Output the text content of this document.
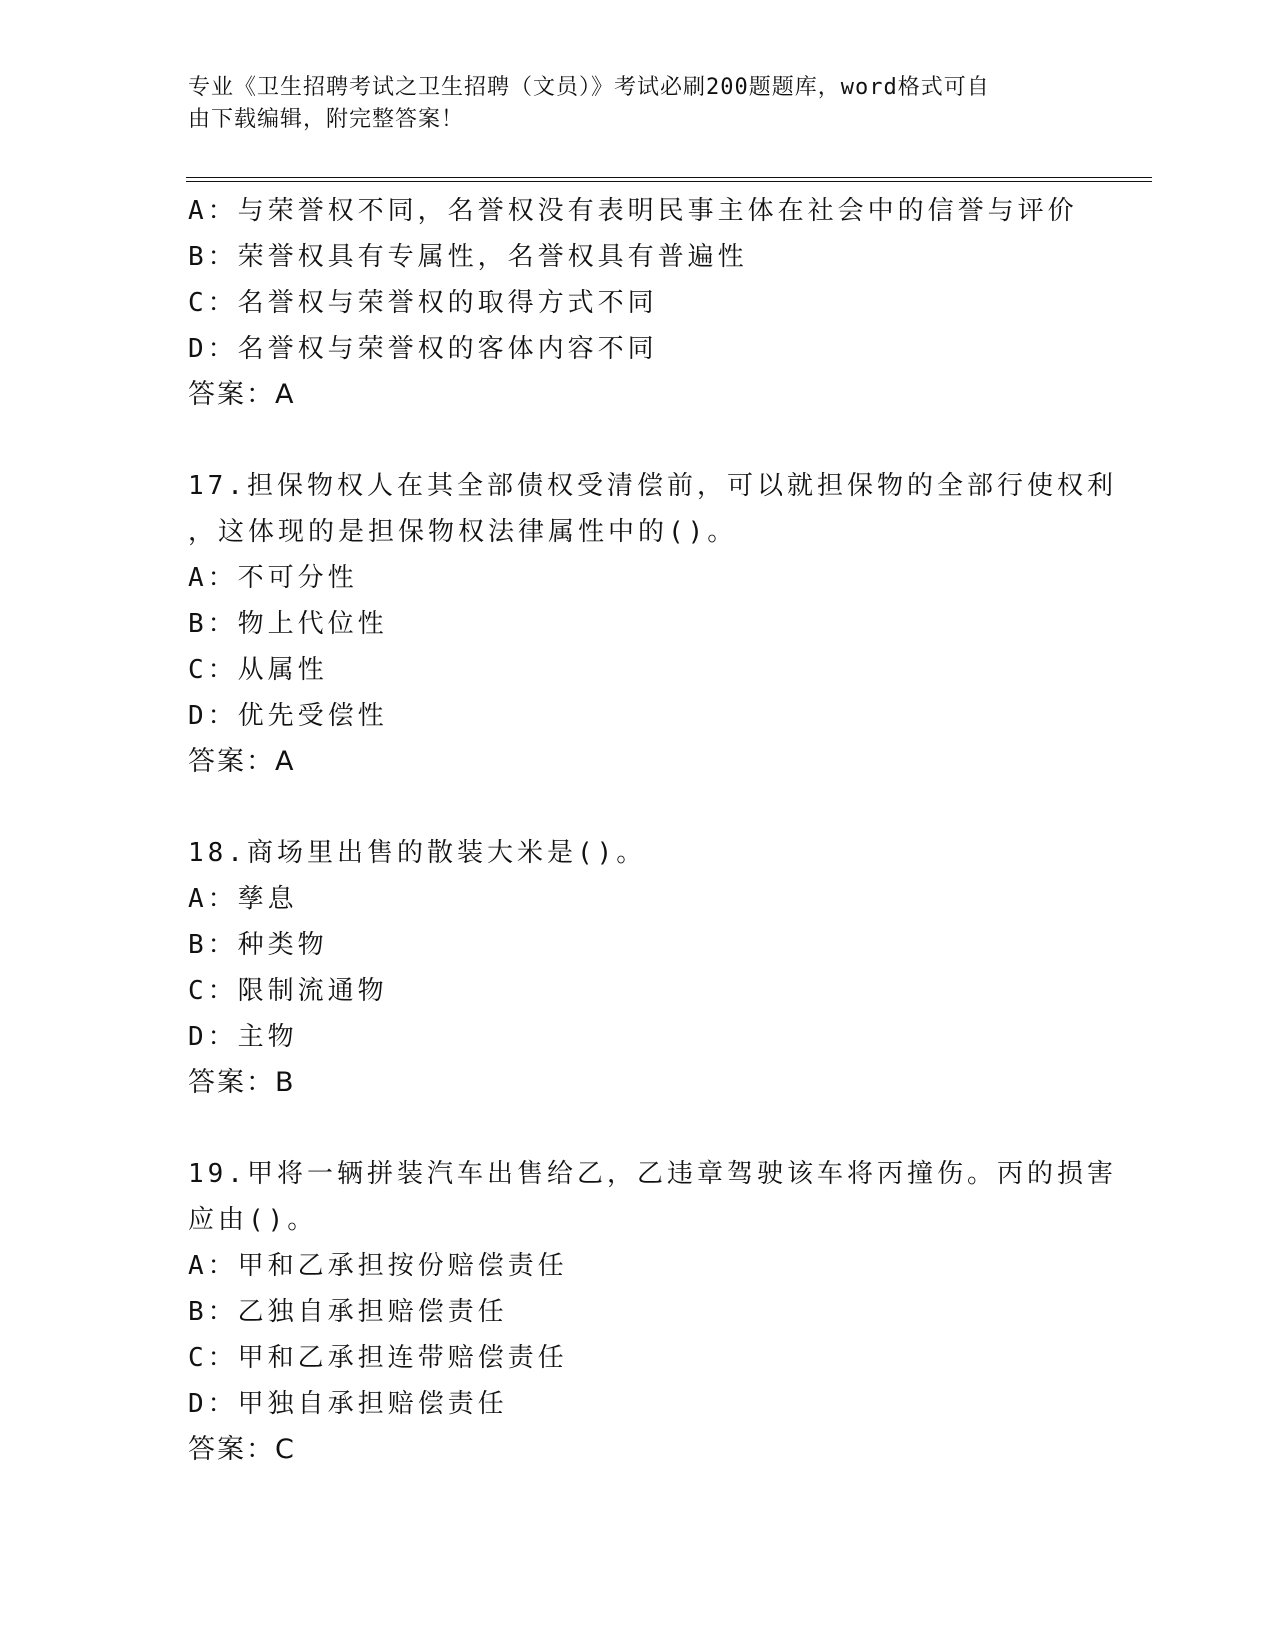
专业《卫生招聘考试之卫生招聘（文员）》考试必刷200题题库，word格式可自
由下载编辑，附完整答案！
A：与荣誉权不同，名誉权没有表明民事主体在社会中的信誉与评价
B：荣誉权具有专属性，名誉权具有普遍性
C：名誉权与荣誉权的取得方式不同
D：名誉权与荣誉权的客体内容不同
答案：A
17.担保物权人在其全部债权受清偿前，可以就担保物的全部行使权利
，这体现的是担保物权法律属性中的()。
A：不可分性
B：物上代位性
C：从属性
D：优先受偿性
答案：A
18.商场里出售的散装大米是()。
A：孳息
B：种类物
C：限制流通物
D：主物
答案：B
19.甲将一辆拼装汽车出售给乙，乙违章驾驶该车将丙撞伤。丙的损害
应由()。
A：甲和乙承担按份赔偿责任
B：乙独自承担赔偿责任
C：甲和乙承担连带赔偿责任
D：甲独自承担赔偿责任
答案：C
